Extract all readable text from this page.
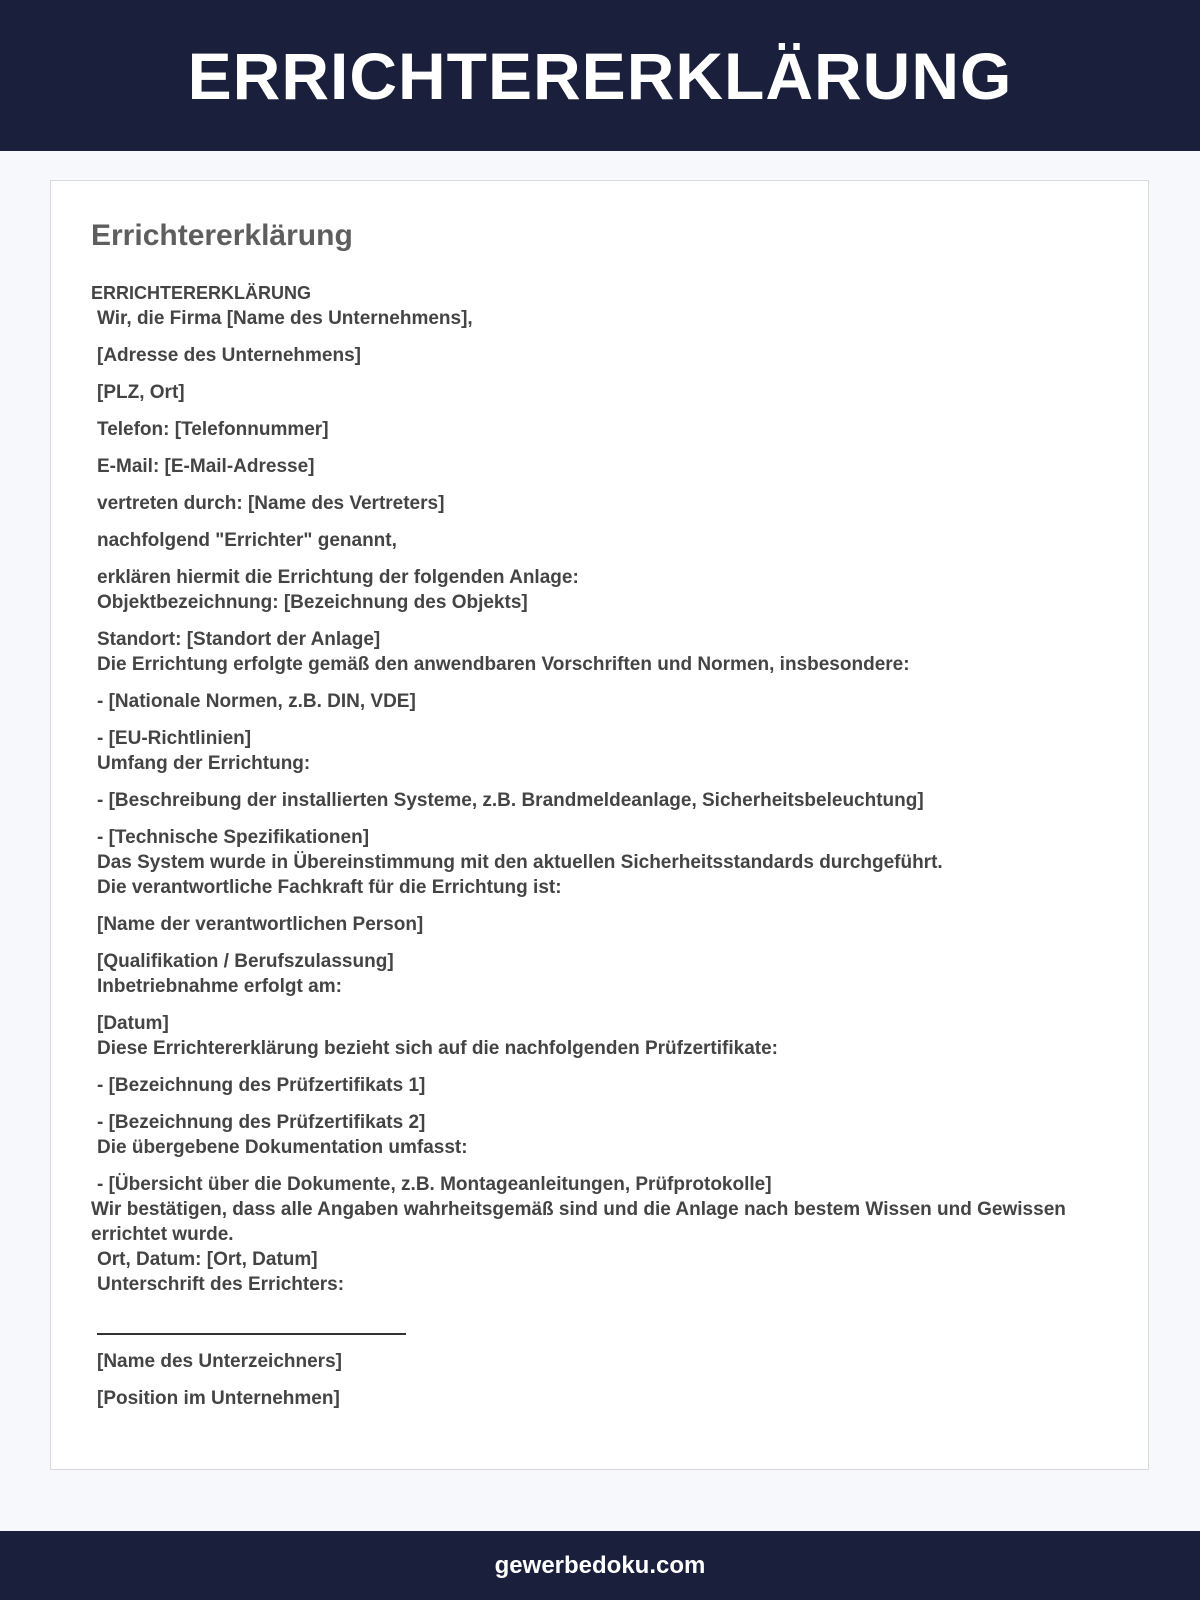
ERRICHTERERKLÄRUNG
Errichtererklärung
ERRICHTERERKLÄRUNG
Wir, die Firma [Name des Unternehmens],
[Adresse des Unternehmens]
[PLZ, Ort]
Telefon: [Telefonnummer]
E-Mail: [E-Mail-Adresse]
vertreten durch: [Name des Vertreters]
nachfolgend "Errichter" genannt,
erklären hiermit die Errichtung der folgenden Anlage:
Objektbezeichnung: [Bezeichnung des Objekts]
Standort: [Standort der Anlage]
Die Errichtung erfolgte gemäß den anwendbaren Vorschriften und Normen, insbesondere:
- [Nationale Normen, z.B. DIN, VDE]
- [EU-Richtlinien]
Umfang der Errichtung:
- [Beschreibung der installierten Systeme, z.B. Brandmeldeanlage, Sicherheitsbeleuchtung]
- [Technische Spezifikationen]
Das System wurde in Übereinstimmung mit den aktuellen Sicherheitsstandards durchgeführt.
Die verantwortliche Fachkraft für die Errichtung ist:
[Name der verantwortlichen Person]
[Qualifikation / Berufszulassung]
Inbetriebnahme erfolgt am:
[Datum]
Diese Errichtererklärung bezieht sich auf die nachfolgenden Prüfzertifikate:
- [Bezeichnung des Prüfzertifikats 1]
- [Bezeichnung des Prüfzertifikats 2]
Die übergebene Dokumentation umfasst:
- [Übersicht über die Dokumente, z.B. Montageanleitungen, Prüfprotokolle]
Wir bestätigen, dass alle Angaben wahrheitsgemäß sind und die Anlage nach bestem Wissen und Gewissen errichtet wurde.
Ort, Datum: [Ort, Datum]
Unterschrift des Errichters:
[Name des Unterzeichners]
[Position im Unternehmen]
gewerbedoku.com
